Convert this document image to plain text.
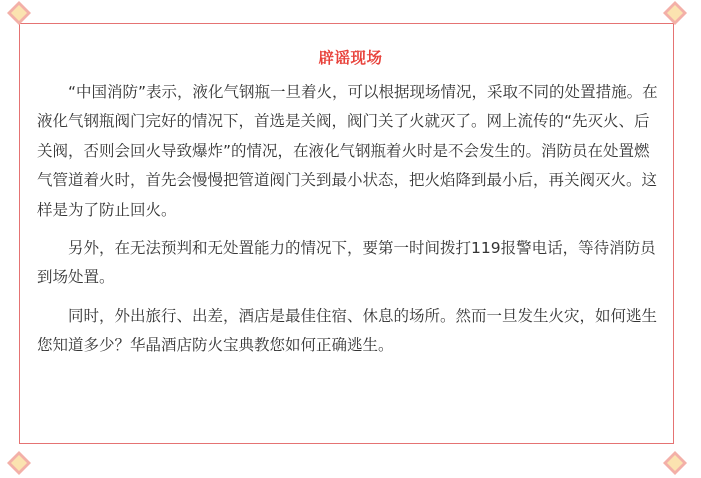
辟谣现场

“中国消防”表示，液化气钢瓶一旦着火，可以根据现场情况，采取不同的处置措施。在液化气钢瓶阀门完好的情况下，首选是关阀，阀门关了火就灭了。网上流传的“先灭火、后关阀，否则会回火导致爆炸”的情况，在液化气钢瓶着火时是不会发生的。消防员在处置燃气管道着火时，首先会慢慢把管道阀门关到最小状态，把火焰降到最小后，再关阀灭火。这样是为了防止回火。

另外，在无法预判和无处置能力的情况下，要第一时间拨打119报警电话，等待消防员到场处置。

同时，外出旅行、出差，酒店是最佳住宿、休息的场所。然而一旦发生火灾，如何逃生您知道多少？华晶酒店防火宝典教您如何正确逃生。
